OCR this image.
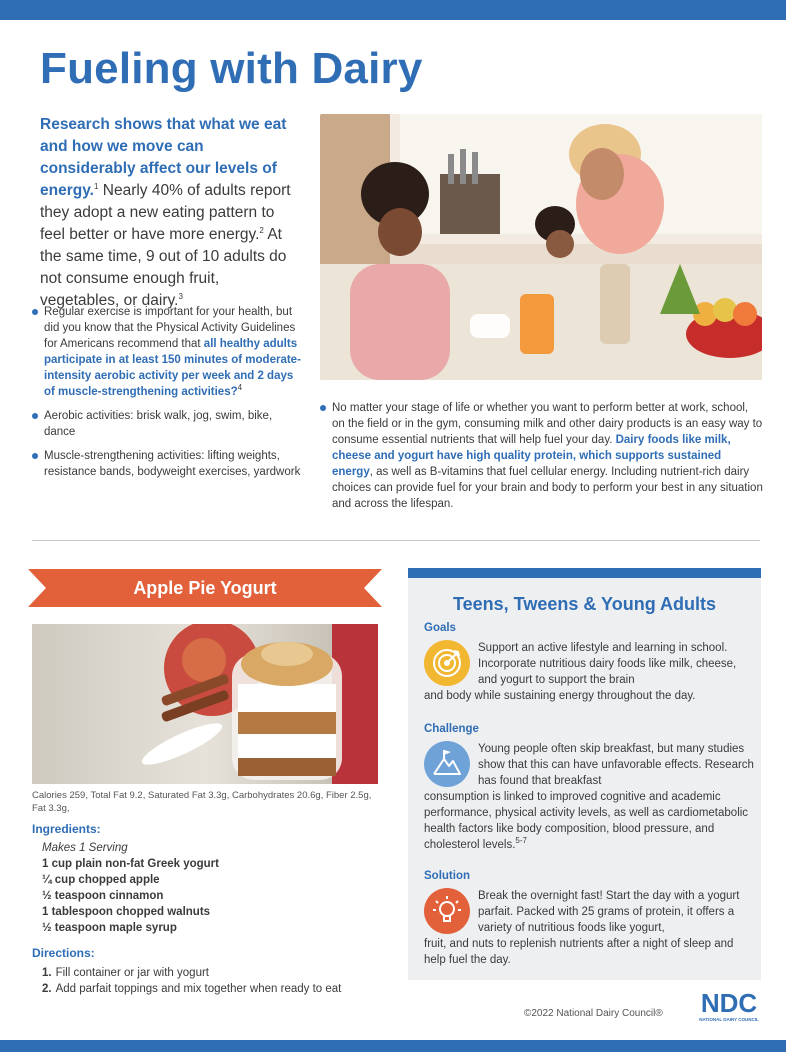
Fueling with Dairy

Research shows that what we eat and how we move can considerably affect our levels of energy.$^1$ Nearly 40% of adults report they adopt a new eating pattern to feel better or have more energy.$^2$ At the same time, 9 out of 10 adults do not consume enough fruit, vegetables, or dairy.$^3$

Regular exercise is important for your health, but did you know that the Physical Activity Guidelines for Americans recommend that all healthy adults participate in at least 150 minutes of moderate-intensity aerobic activity per week and 2 days of muscle-strengthening activities?$^4$
Aerobic activities: brisk walk, jog, swim, bike, dance
Muscle-strengthening activities: lifting weights, resistance bands, bodyweight exercises, yardwork
No matter your stage of life or whether you want to perform better at work, school, on the field or in the gym, consuming milk and other dairy products is an easy way to consume essential nutrients that will help fuel your day. Dairy foods like milk, cheese and yogurt have high quality protein, which supports sustained energy, as well as B-vitamins that fuel cellular energy. Including nutrient-rich dairy choices can provide fuel for your brain and body to perform your best in any situation and across the lifespan.
Apple Pie Yogurt

Calories 259, Total Fat 9.2, Saturated Fat 3.3g, Carbohydrates 20.6g, Fiber 2.5g, Fat 3.3g,

Ingredients:
Makes 1 Serving
1 cup plain non-fat Greek yogurt
¼ cup chopped apple
½ teaspoon cinnamon
1 tablespoon chopped walnuts
½ teaspoon maple syrup
Directions:
1. Fill container or jar with yogurt
2. Add parfait toppings and mix together when ready to eat
Teens, Tweens & Young Adults
Goals

Support an active lifestyle and learning in school. Incorporate nutritious dairy foods like milk, cheese, and yogurt to support the brain
and body while sustaining energy throughout the day.

Challenge

Young people often skip breakfast, but many studies show that this can have unfavorable effects. Research has found that breakfast
consumption is linked to improved cognitive and academic performance, physical activity levels, as well as cardiometabolic health factors like body composition, blood pressure, and cholesterol levels.$^{5-7}$

Solution

Break the overnight fast! Start the day with a yogurt parfait. Packed with 25 grams of protein, it offers a variety of nutritious foods like yogurt,
fruit, and nuts to replenish nutrients after a night of sleep and help fuel the day.

©2022 National Dairy Council® NDC
NATIONAL DAIRY COUNCIL
